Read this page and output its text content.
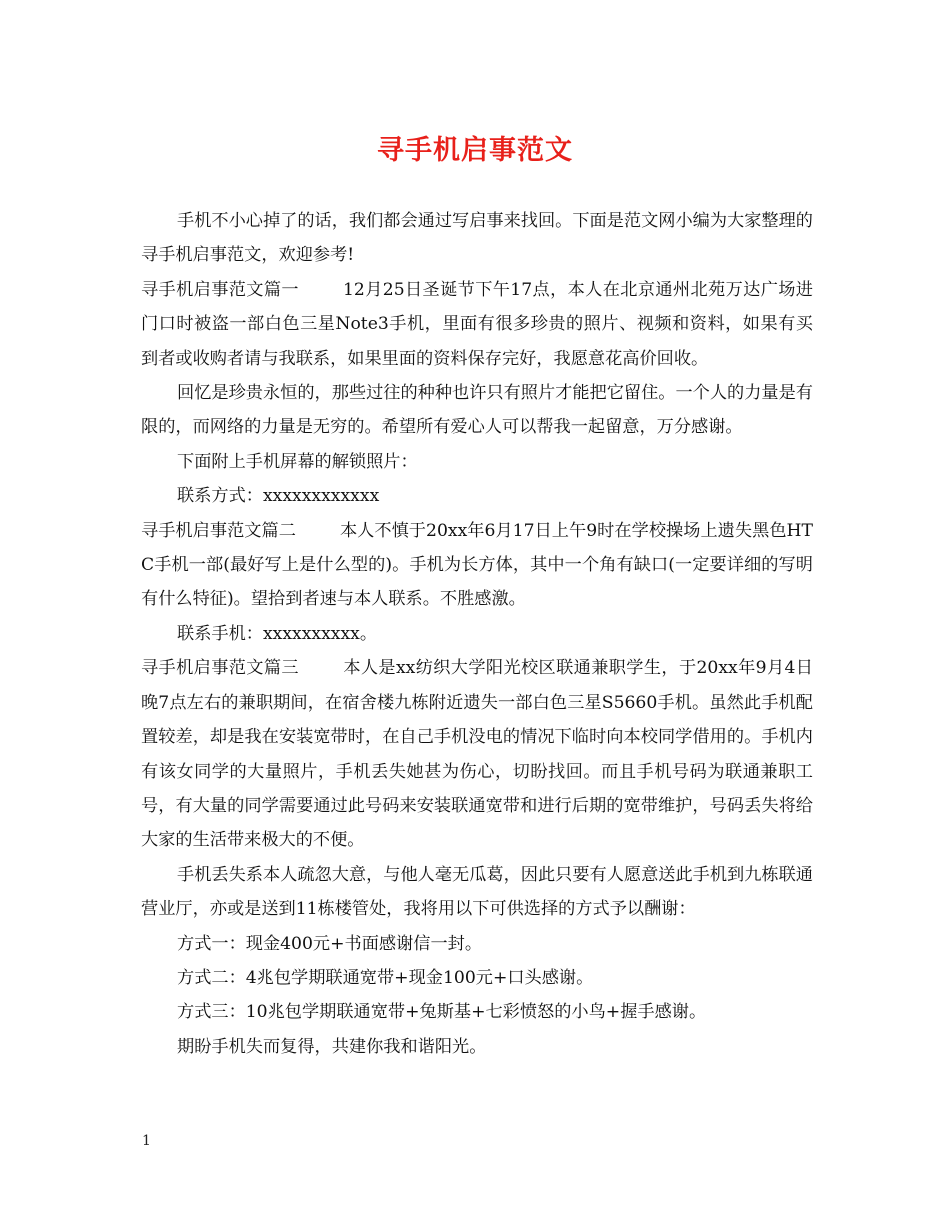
寻手机启事范文

手机不小心掉了的话，我们都会通过写启事来找回。下面是范文网小编为大家整理的寻手机启事范文，欢迎参考!

寻手机启事范文篇一	12月25日圣诞节下午17点，本人在北京通州北苑万达广场进门口时被盗一部白色三星Note3手机，里面有很多珍贵的照片、视频和资料，如果有买到者或收购者请与我联系，如果里面的资料保存完好，我愿意花高价回收。

回忆是珍贵永恒的，那些过往的种种也许只有照片才能把它留住。一个人的力量是有限的，而网络的力量是无穷的。希望所有爱心人可以帮我一起留意，万分感谢。

下面附上手机屏幕的解锁照片：

联系方式：xxxxxxxxxxxx

寻手机启事范文篇二	本人不慎于20xx年6月17日上午9时在学校操场上遗失黑色HTC手机一部(最好写上是什么型的)。手机为长方体，其中一个角有缺口(一定要详细的写明有什么特征)。望拾到者速与本人联系。不胜感激。

联系手机：xxxxxxxxxx。

寻手机启事范文篇三	本人是xx纺织大学阳光校区联通兼职学生，于20xx年9月4日晚7点左右的兼职期间，在宿舍楼九栋附近遗失一部白色三星S5660手机。虽然此手机配置较差，却是我在安装宽带时，在自己手机没电的情况下临时向本校同学借用的。手机内有该女同学的大量照片，手机丢失她甚为伤心，切盼找回。而且手机号码为联通兼职工号，有大量的同学需要通过此号码来安装联通宽带和进行后期的宽带维护，号码丢失将给大家的生活带来极大的不便。

手机丢失系本人疏忽大意，与他人毫无瓜葛，因此只要有人愿意送此手机到九栋联通营业厅，亦或是送到11栋楼管处，我将用以下可供选择的方式予以酬谢：

方式一：现金400元+书面感谢信一封。

方式二：4兆包学期联通宽带+现金100元+口头感谢。

方式三：10兆包学期联通宽带+兔斯基+七彩愤怒的小鸟+握手感谢。

期盼手机失而复得，共建你我和谐阳光。

1
